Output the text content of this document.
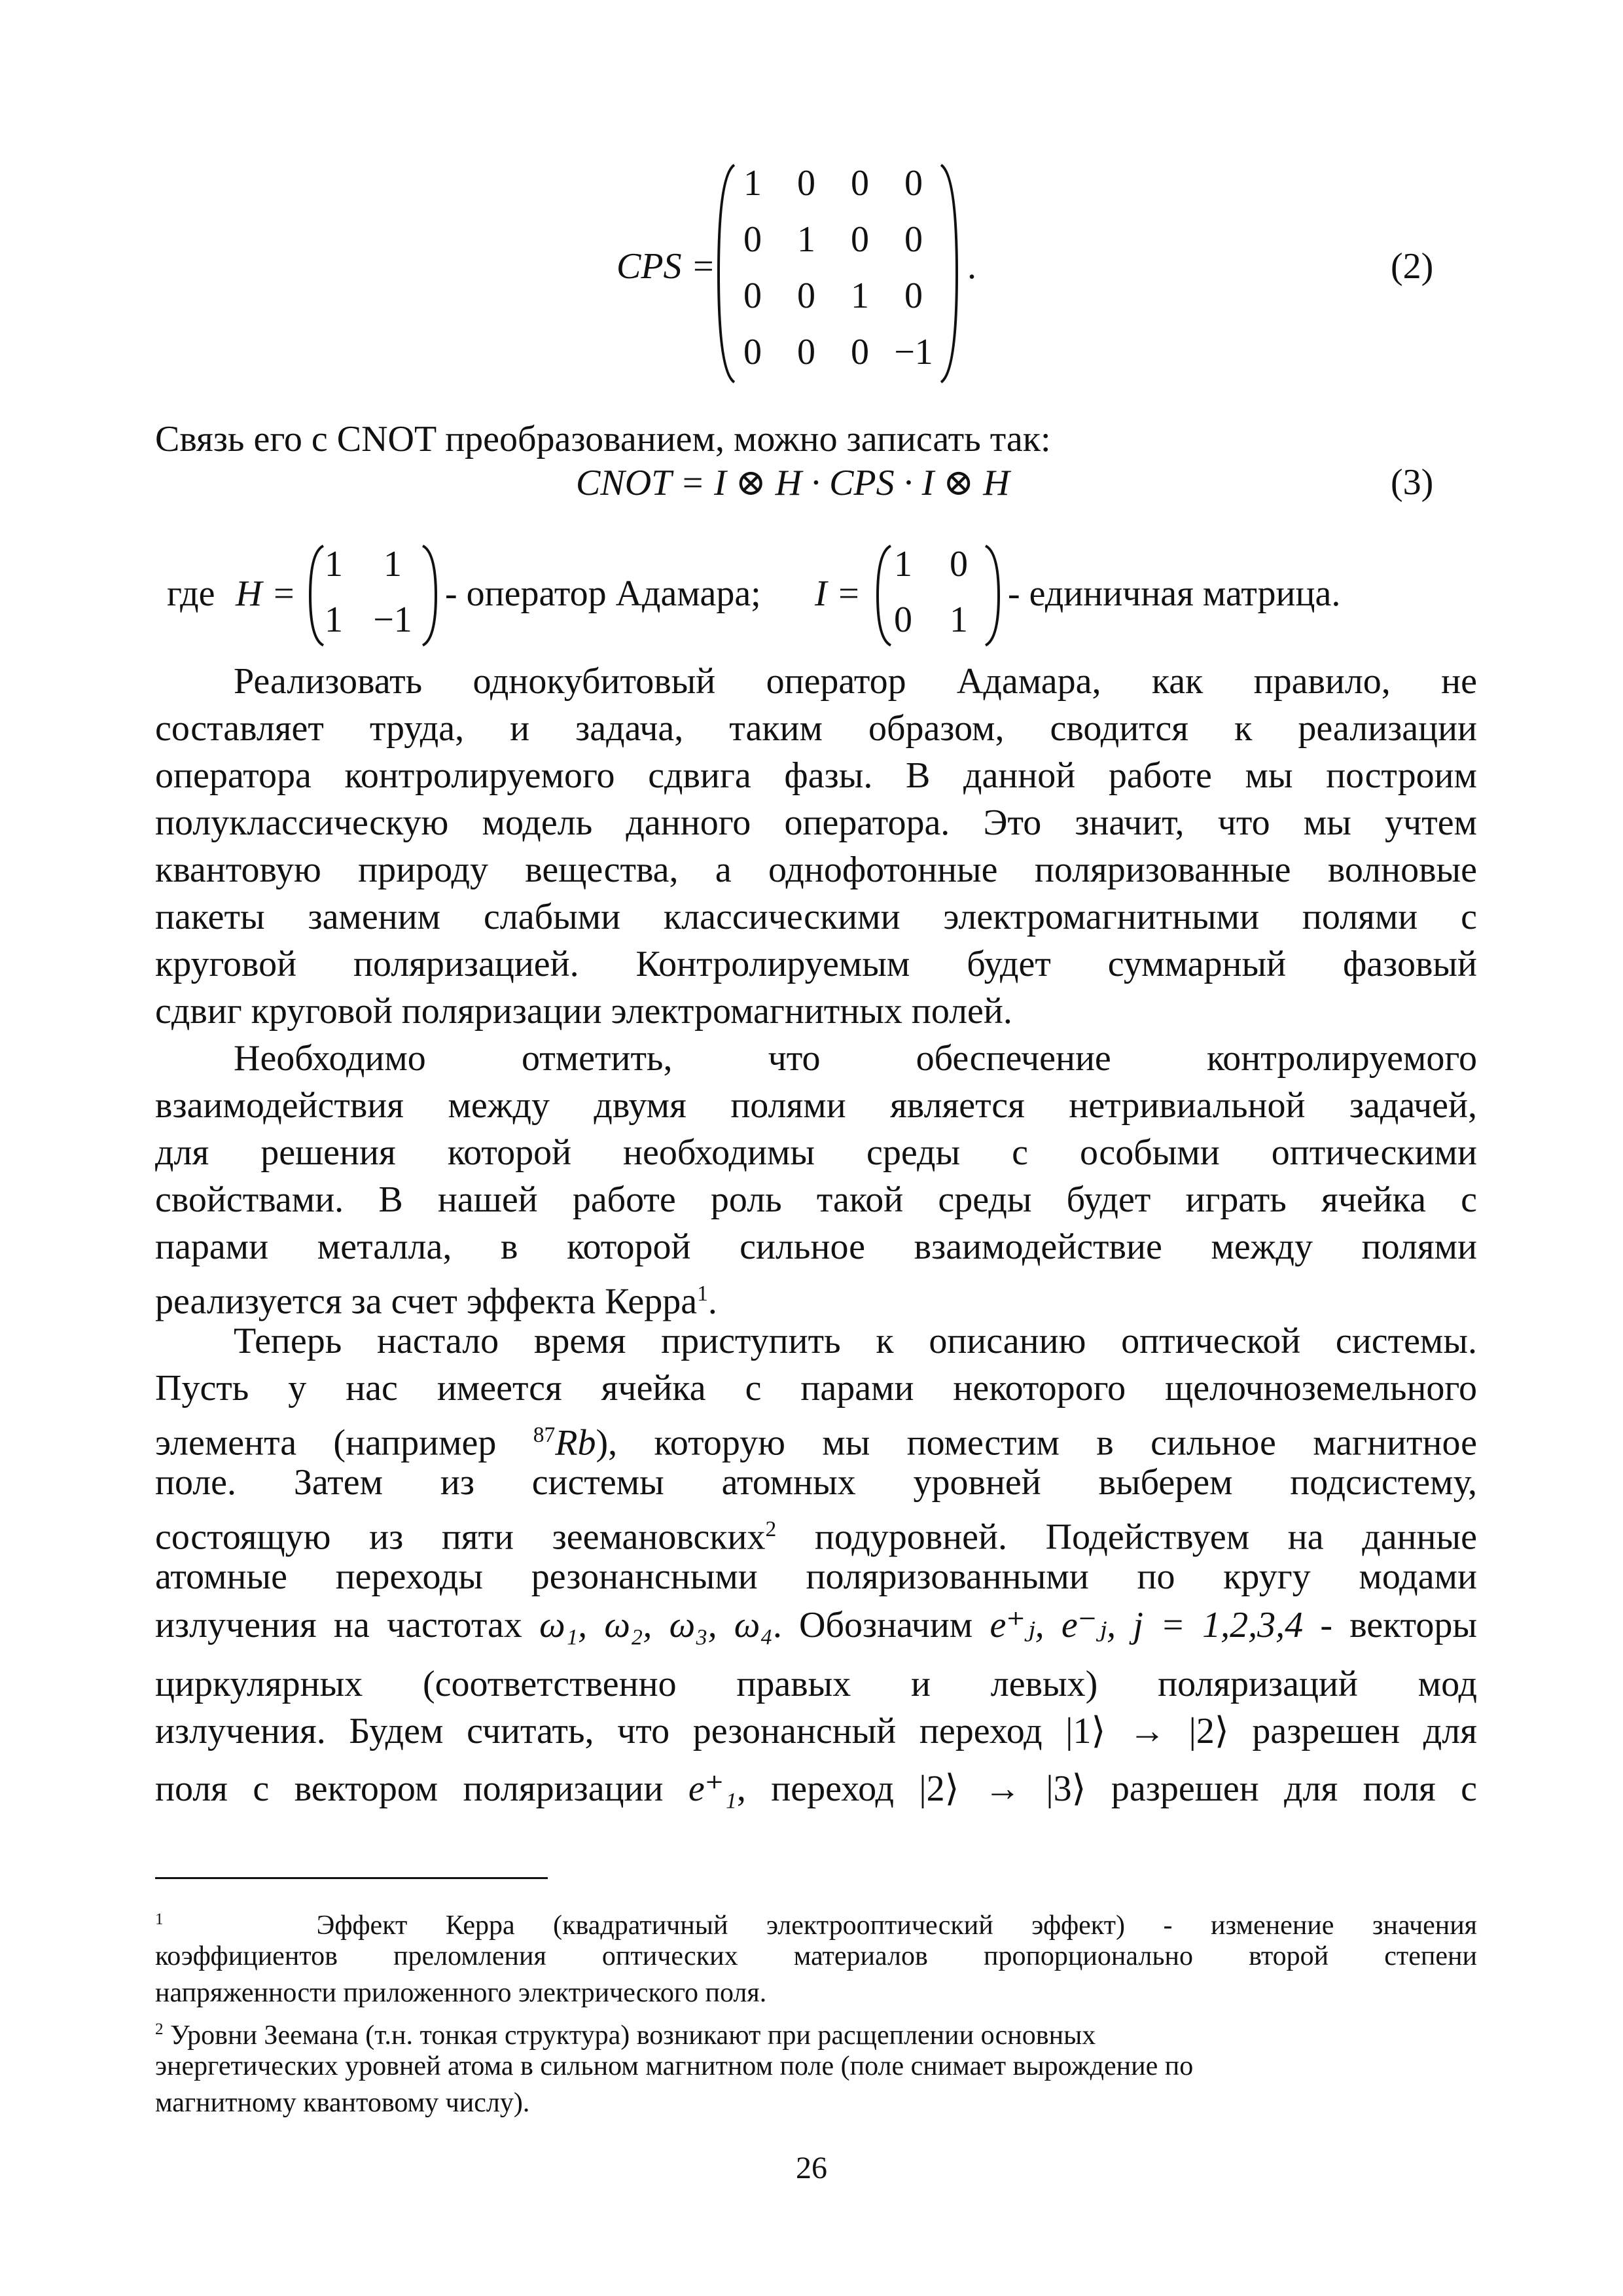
CPS =
1 0 0 0
0 1 0 0
0 0 1 0
0 0 0 −1
.	(2)

Связь его с CNOT преобразованием, можно записать так:

CNOT = I ⊗ H · CPS · I ⊗ H	(3)
где H =
1	1
1 −1
- оператор Адамара; I =
1	0
0	1
- единичная матрица.

Реализовать однокубитовый оператор Адамара, как правило, не

составляет труда, и задача, таким образом, сводится к реализации

оператора контролируемого сдвига фазы. В данной работе мы построим

полуклассическую модель данного оператора. Это значит, что мы учтем

квантовую природу вещества, а однофотонные поляризованные волновые

пакеты заменим слабыми классическими электромагнитными полями с

круговой поляризацией. Контролируемым будет суммарный фазовый

сдвиг круговой поляризации электромагнитных полей.

Необходимо отметить, что обеспечение контролируемого

взаимодействия между двумя полями является нетривиальной задачей,

для решения которой необходимы среды с особыми оптическими

свойствами. В нашей работе роль такой среды будет играть ячейка с

парами металла, в которой сильное взаимодействие между полями

реализуется за счет эффекта Керра$^1$.

Теперь настало время приступить к описанию оптической системы.

Пусть у нас имеется ячейка с парами некоторого щелочноземельного

элемента (например $^{87}$Rb), которую мы поместим в сильное магнитное

поле. Затем из системы атомных уровней выберем подсистему,

состоящую из пяти зеемановских$^2$ подуровней. Подействуем на данные

атомные переходы резонансными поляризованными по кругу модами

излучения на частотах ω₁, ω₂, ω₃, ω₄. Обозначим e⁺ⱼ, e⁻ⱼ, j = 1,2,3,4 - векторы

циркулярных (соответственно правых и левых) поляризаций мод

излучения. Будем считать, что резонансный переход |1⟩ → |2⟩ разрешен для

поля с вектором поляризации e⁺₁, переход |2⟩ → |3⟩ разрешен для поля с

$^1$	Эффект Керра (квадратичный электрооптический эффект) - изменение значения

коэффициентов преломления оптических материалов пропорционально второй степени

напряженности приложенного электрического поля.

$^2$ Уровни Зеемана (т.н. тонкая структура) возникают при расщеплении основных

энергетических уровней атома в сильном магнитном поле (поле снимает вырождение по

магнитному квантовому числу).

26
